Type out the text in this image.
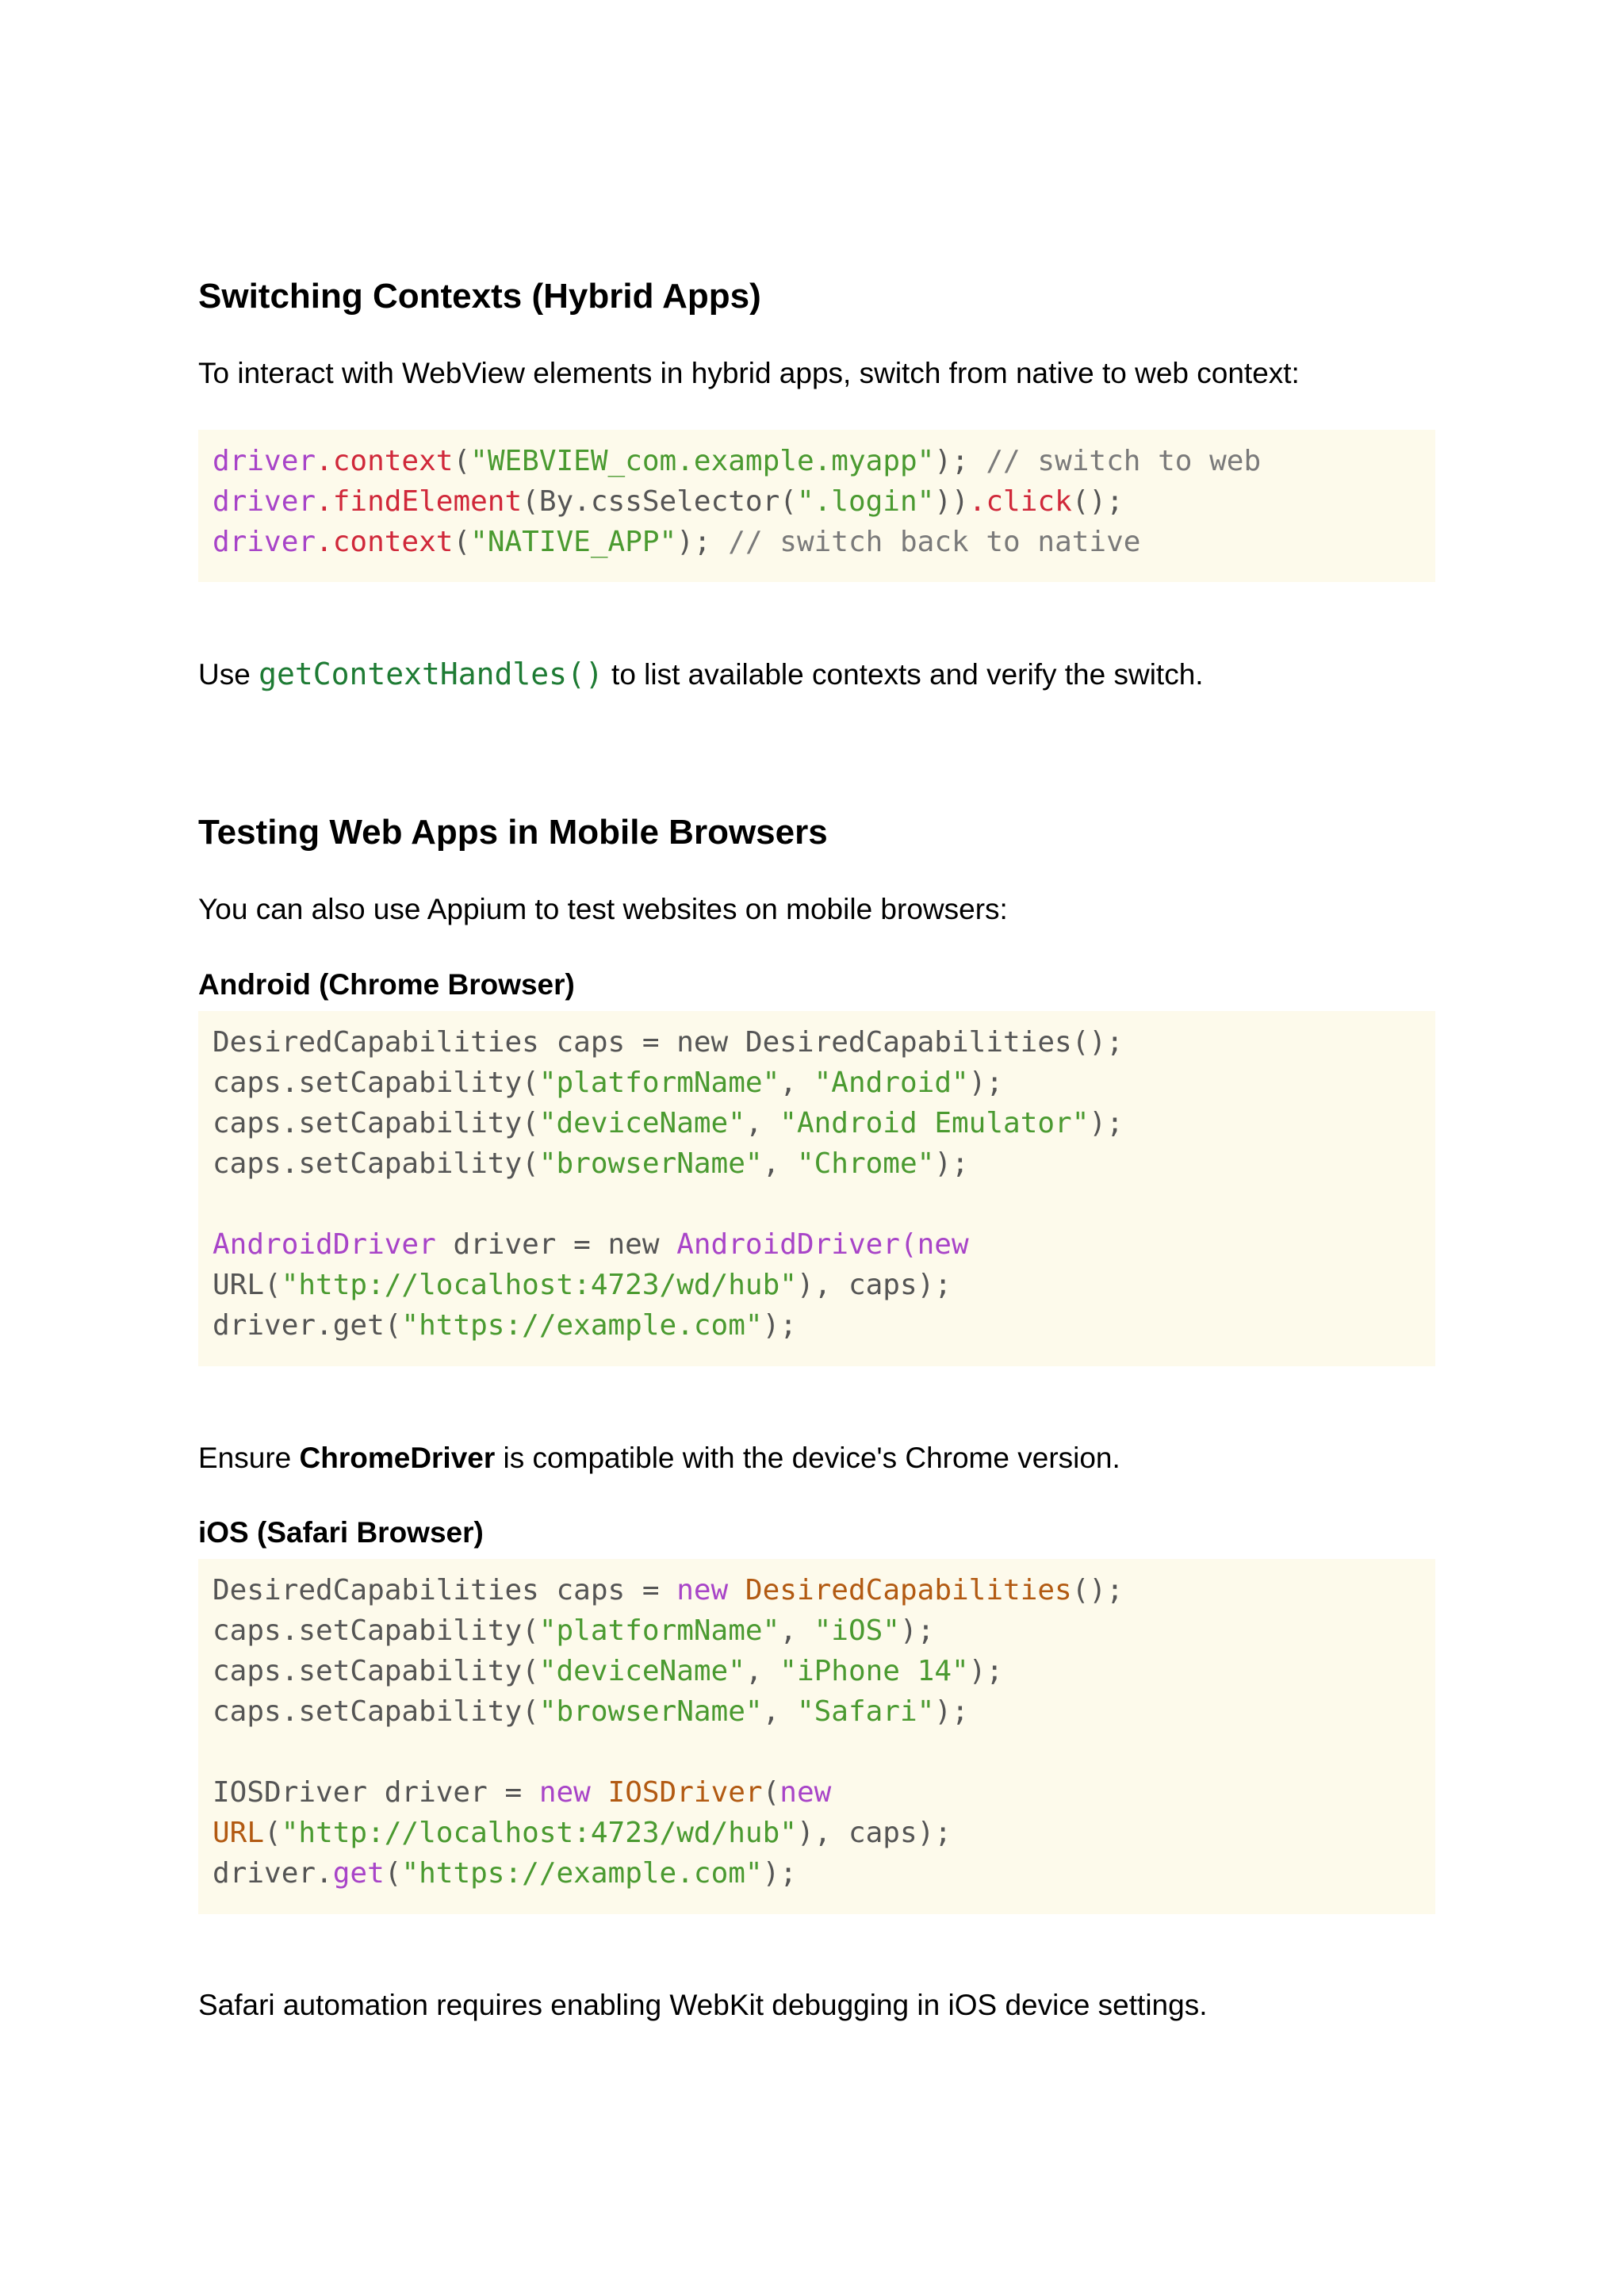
Switching Contexts (Hybrid Apps)

To interact with WebView elements in hybrid apps, switch from native to web context:

driver.context("WEBVIEW_com.example.myapp"); // switch to web
driver.findElement(By.cssSelector(".login")).click();
driver.context("NATIVE_APP"); // switch back to native

Use getContextHandles() to list available contexts and verify the switch.

Testing Web Apps in Mobile Browsers

You can also use Appium to test websites on mobile browsers:

Android (Chrome Browser)
DesiredCapabilities caps = new DesiredCapabilities();
caps.setCapability("platformName", "Android");
caps.setCapability("deviceName", "Android Emulator");
caps.setCapability("browserName", "Chrome");

AndroidDriver driver = new AndroidDriver(new
URL("http://localhost:4723/wd/hub"), caps);
driver.get("https://example.com");

Ensure ChromeDriver is compatible with the device's Chrome version.

iOS (Safari Browser)
DesiredCapabilities caps = new DesiredCapabilities();
caps.setCapability("platformName", "iOS");
caps.setCapability("deviceName", "iPhone 14");
caps.setCapability("browserName", "Safari");

IOSDriver driver = new IOSDriver(new
URL("http://localhost:4723/wd/hub"), caps);
driver.get("https://example.com");

Safari automation requires enabling WebKit debugging in iOS device settings.
